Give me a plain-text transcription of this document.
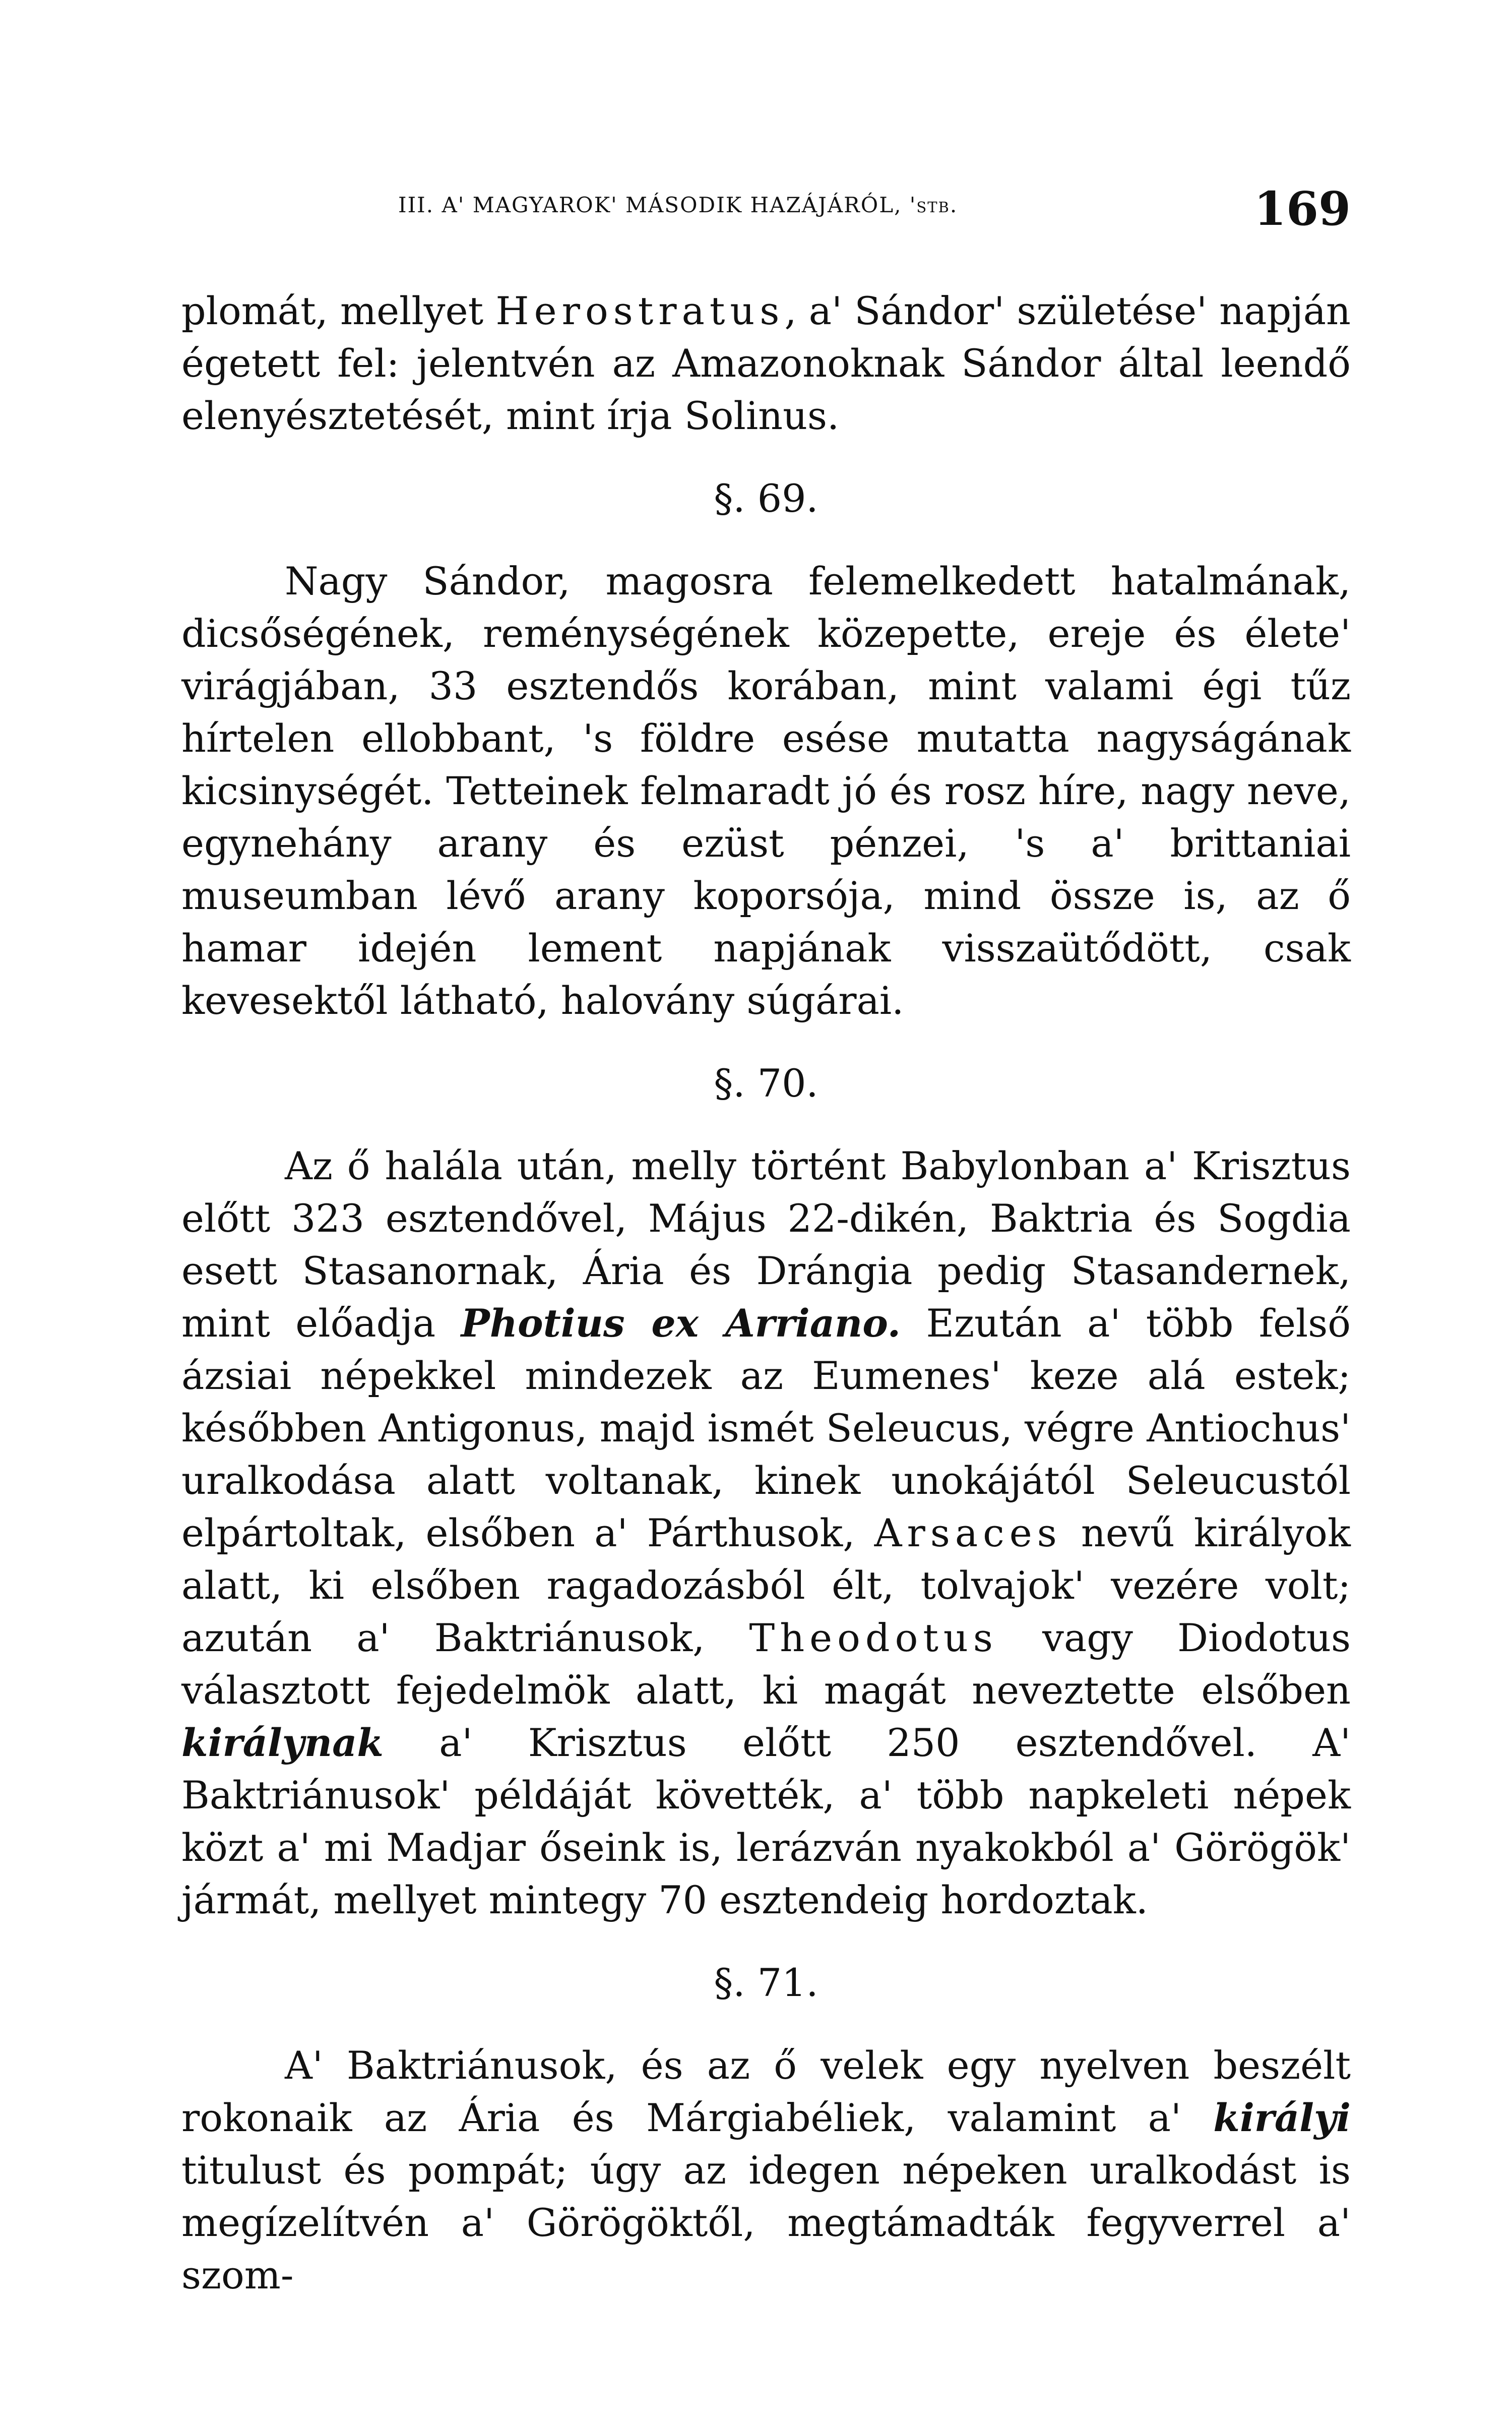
III. A' MAGYAROK' MÁSODIK HAZÁJÁRÓL, 'stb.	169

plomát, mellyet Herostratus, a' Sándor' születése' napján égetett fel: jelentvén az Amazonoknak Sándor által leendő elenyésztetését, mint írja Solinus.

§. 69.

Nagy Sándor, magosra felemelkedett hatalmának, dicsőségének, reménységének közepette, ereje és élete' virágjában, 33 esztendős korában, mint valami égi tűz hírtelen ellobbant, 's földre esése mutatta nagyságának kicsinységét. Tetteinek felmaradt jó és rosz híre, nagy neve, egynehány arany és ezüst pénzei, 's a' brittaniai museumban lévő arany koporsója, mind össze is, az ő hamar idején lement napjának visszaütődött, csak kevesektől látható, halovány súgárai.

§. 70.

Az ő halála után, melly történt Babylonban a' Krisztus előtt 323 esztendővel, Május 22-dikén, Baktria és Sogdia esett Stasanornak, Ária és Drángia pedig Stasandernek, mint előadja Photius ex Arriano. Ezután a' több felső ázsiai népekkel mindezek az Eumenes' keze alá estek; későbben Antigonus, majd ismét Seleucus, végre Antiochus' uralkodása alatt voltanak, kinek unokájától Seleucustól elpártoltak, elsőben a' Párthusok, Arsaces nevű királyok alatt, ki elsőben ragadozásból élt, tolvajok' vezére volt; azután a' Baktriánusok, Theodotus vagy Diodotus választott fejedelmök alatt, ki magát neveztette elsőben királynak a' Krisztus előtt 250 esztendővel. A' Baktriánusok' példáját követték, a' több napkeleti népek közt a' mi Madjar őseink is, lerázván nyakokból a' Görögök' jármát, mellyet mintegy 70 esztendeig hordoztak.

§. 71.

A' Baktriánusok, és az ő velek egy nyelven beszélt rokonaik az Ária és Márgiabéliek, valamint a' királyi titulust és pompát; úgy az idegen népeken uralkodást is megízelítvén a' Görögöktől, megtámadták fegyverrel a' szom-
